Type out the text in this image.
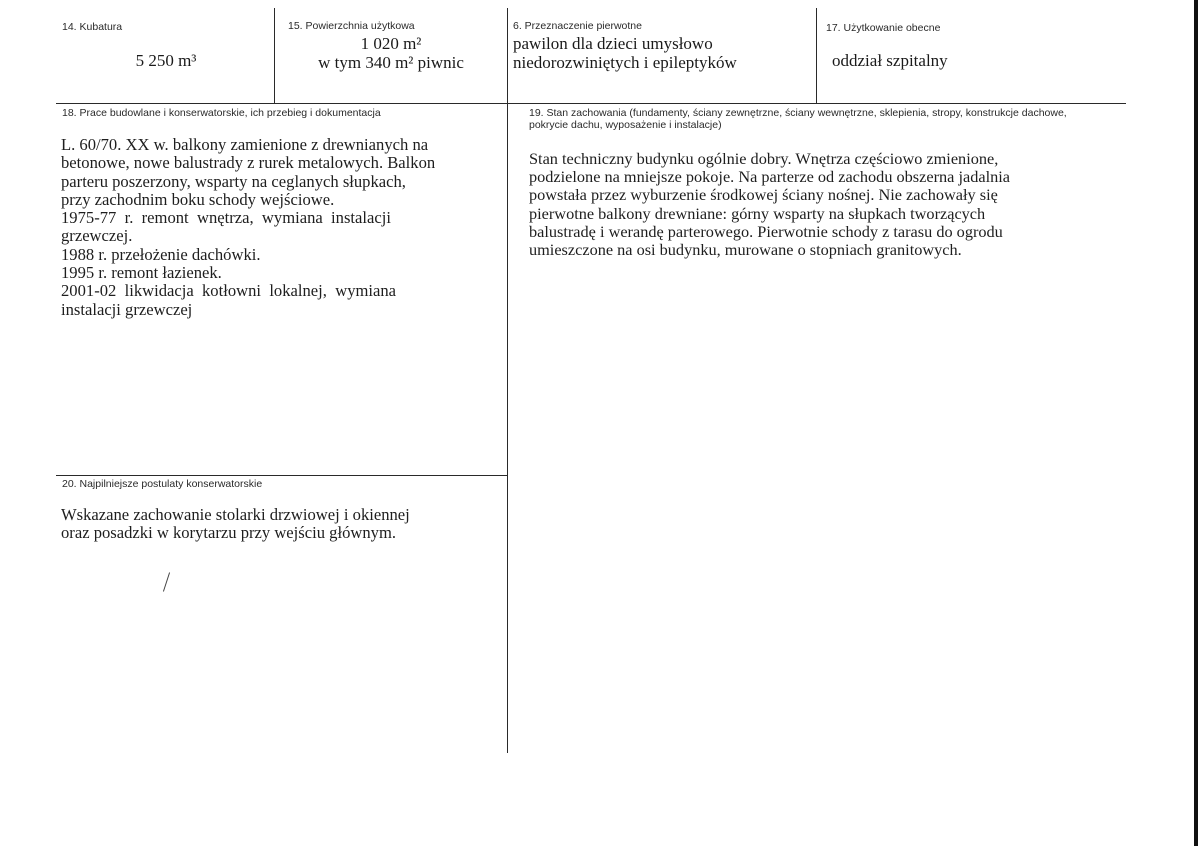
14. Kubatura
5 250 m³
15. Powierzchnia użytkowa
1 020 m²
w tym 340 m² piwnic
6. Przeznaczenie pierwotne
pawilon dla dzieci umysłowo
niedorozwiniętych i epileptyków
17. Użytkowanie obecne
oddział szpitalny
18. Prace budowlane i konserwatorskie, ich przebieg i dokumentacja
L. 60/70. XX w. balkony zamienione z drewnianych na
betonowe, nowe balustrady z rurek metalowych. Balkon
parteru poszerzony, wsparty na ceglanych słupkach,
przy zachodnim boku schody wejściowe.
1975-77  r.  remont  wnętrza,  wymiana  instalacji
grzewczej.
1988 r. przełożenie dachówki.
1995 r. remont łazienek.
2001-02  likwidacja  kotłowni  lokalnej,  wymiana
instalacji grzewczej
19. Stan zachowania (fundamenty, ściany zewnętrzne, ściany wewnętrzne, sklepienia, stropy, konstrukcje dachowe,
pokrycie dachu, wyposażenie i instalacje)
Stan techniczny budynku ogólnie dobry. Wnętrza częściowo zmienione,
podzielone na mniejsze pokoje. Na parterze od zachodu obszerna jadalnia
powstała przez wyburzenie środkowej ściany nośnej. Nie zachowały się
pierwotne balkony drewniane: górny wsparty na słupkach tworzących
balustradę i werandę parterowego. Pierwotnie schody z tarasu do ogrodu
umieszczone na osi budynku, murowane o stopniach granitowych.
20. Najpilniejsze postulaty konserwatorskie
Wskazane zachowanie stolarki drzwiowej i okiennej
oraz posadzki w korytarzu przy wejściu głównym.
